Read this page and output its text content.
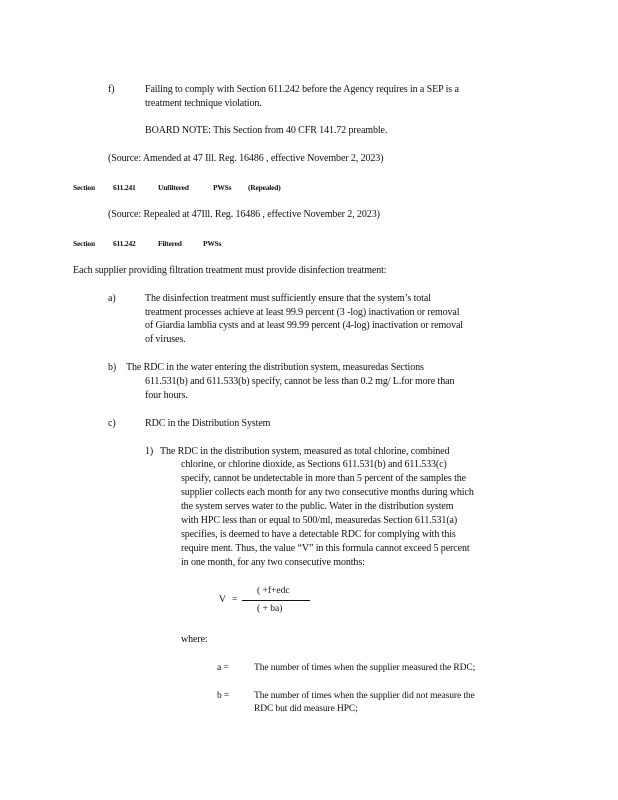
f)	Failing to comply with Section 611.242 before the Agency requires in a SEP is a
treatment technique violation.
BOARD NOTE: This Section from 40 CFR 141.72 preamble.
(Source: Amended at 47 Ill. Reg. 16486 , effective November 2, 2023)
Section 611.241	Unfiltered	PWSs (Repealed)
(Source: Repealed at 47Ill. Reg. 16486 , effective November 2, 2023)
Section 611.242	Filtered	PWSs
Each supplier providing filtration treatment must provide disinfection treatment:
a)	The disinfection treatment must sufficiently ensure that the system’s total
treatment processes achieve at least 99.9 percent (3 -log) inactivation or removal
of Giardia lamblia cysts and at least 99.99 percent (4-log) inactivation or removal
of viruses.
b) The RDC in the water entering the distribution system, measuredas Sections
611.531(b) and 611.533(b) specify, cannot be less than 0.2 mg/ L.for more than
four hours.
c)	RDC in the Distribution System
1) The RDC in the distribution system, measured as total chlorine, combined
chlorine, or chlorine dioxide, as Sections 611.531(b) and 611.533(c)
specify, cannot be undetectable in more than 5 percent of the samples the
supplier collects each month for any two consecutive months during which
the system serves water to the public. Water in the distribution system
with HPC less than or equal to 500/ml, measuredas Section 611.531(a)
specifies, is deemed to have a detectable RDC for complying with this
require ment. Thus, the value “V” in this formula cannot exceed 5 percent
in one month, for any two consecutive months:
V =
( +f+edc
( + ba)
where:
a =	The number of times when the supplier measured the RDC;
b =	The number of times when the supplier did not measure the
RDC but did measure HPC;
